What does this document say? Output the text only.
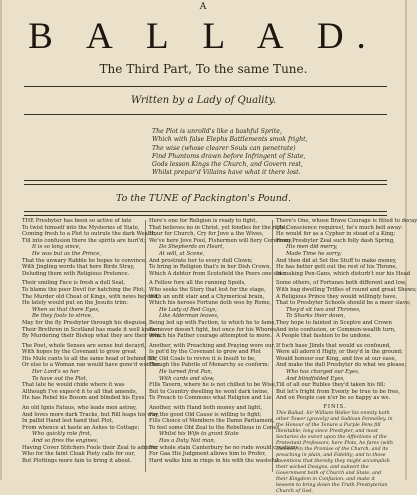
A
B A L L A D.
The Third Part, To the same Tune.
Written by a Lady of Quality.
The Plot is unrolld's like a bashful Sprite,
Which with false Elephs Battlements smok fright,
The wise (whose clearer Souls can penetrate)
Find Phantoms drawn before Infringent of State,
Gods lesson Kings the Church, and Govern rest,
Whilst prepar'd Villains have what it there lost.
To the TUNE of Packington's Pound.
THE Presbyter has been so active of late
To twist himself into the Mysteries of State,
Coming fresh to a Plot to outrule the dark Wealth,
Till into confusion there the spirits are hurl'd;
It is so long since,
He was but as the Prince,
That the unwary Rabble he hopes to convince,
With Jingling words that here Birds Stray,
Deluding them with Religious Pretence.
Their smiling Face is fresh a dull Seal,
To blame the poor Devil for hatching the Plot,
The Murder old Cheat of Kings, with news beyond,
He lately would put on the Jesuits trim:
When so that there Eyes,
Be they fools to strive,
May for the fly Presbyter through his disguise,
Their Brethren in Scotland has made it well known
By Murdering their Bishop what they are their own.
The Poet, whole Senses are sense but decayd,
With hopes by the Covenant to grow great
His Mule cants to all the same head of behind her,
Or else to a Woman ran would have gone'd wonder.
Her Lord's so her
To have out the Plot,
That late he would chide where it was
Although I've expos'd it to all that amends,
He has Rebel his Bosom and blinded his Eyes.
An old Ignis Fatuus, who leads men astray,
And loves more dark Tracks, but Rill leaps his way,
In pallid Hand lest hand that Plot,
From whence at haste an Ashes to Cottage;
Who quickly role first,
And so fires the engines,
Having Cover Stitchers Fools their Zeal to admire;
Who for the faint Cloak Piety calls for our,
But Plottings more fain to bring it about.
Here's one for Religion is ready to fight,
That believes no in Christ, yet fondles for the right;
Hour for Church, Cry for Jove a the Wives,
We've here Jove Fool, Fishermen will fiery Ceremony,
Do Shepherds on Heart,
At will, at Scene,
And prostrate her to every dull Clown;
To bring in Religion that's in her Dish Crown,
Which A debtor from Scotsfield the Peers one side.
A Fellow fore all the running Spoils,
Who seeks the Story that lost for the stage,
With an unfit stair and a Chymerical brain,
Which his heroes Fortune doth woo by Rome,
He Lady of Red Coys,
Like Alderman leaves,
Being led up with Faction, to which he to fame,
Be never doesn't fight, but once for his Whores,
Which his Father courage attempted to more.
Another, with Preaching and Praying wore our,
Is pot'd by the Covenant to grow and Plot
Th' Old Coals to revive it is Insult to be,
Though the Pabrile of Monarchy so conform:
He turned first Pan,
With cards and slow,
Fills Tavern, where he is not chilled to be Wise,
But to Country dwelling he wont dark twine,
To Preach to Commons what Religion and Lie.
Another, with Hand both money and light,
For the good Old Cause is willing to fight;
Fills Choice of Members the Damn Parliament,
To feel some Old Zeal to the Rebellious in Cones,
Whilst his Wife to grant State
Has a Duty Not man,
For whole stain Canterbury he no rude would creations
For Gaa His Judgment allows him to Profer,
Hard walks him in rings in his with the wasteful.
There's One, whose Brave Courage is fitted to decay
(As Conscience requires), he's much bell away:
He would for as a Cypher in stead of a King;
From Presbyter Zeal such folly dash Spring,
His men did merry,
Made Time he sorry;
And then did at Set the Stuff to make money,
He has better gett out the rest of his Throne,
In making Pen-Gans, which disturb't our his Head
Some others, of Fortunes both different and low,
With bag dwelling Trifles of round and great Shows;
A Religious Prince they would willingly have,
That to Presbyter Schools should be a meer slave;
They'd sit two and Thrones,
To Sharks their down,
They hope to fainted in Sceptre and Crown
And into confusion, or Common-wealth turn,
A People that fashion to be undone.
If fuch base Jlinds that would us confound,
Were all adorn'd Higly, or they'd in the ground;
Would honour our King, and live at our ease,
And make the dull Presbyter do what we please;
Who has charged our Eyes,
And blindfolded Eyes,
Till of all our Rubles they'd taken his fill;
But let's fright from Eventy be true to be free,
And on People can n'er be so happy as we.
FINIS.
This Ballad, Sir William Waller his enmity both other Tower (gravely) and Sullivan Fennelley, in the Honour of the Tenure a Purple Pens fill inevitable; long since Presbyter, and most Sectaries do extort upon the Affections of the Protestant Professors, here Plots, he fares (with Incense) in the Promise of the Church, and its preaching in plain, and Fidelity; and to those Inventions that thereby they might accomplish their wicked Designs, and subvert the Government both of Church and State, and their Kingdom in Confusion: and make it beseem to bring down the Truth Presbyterian Church of God.
